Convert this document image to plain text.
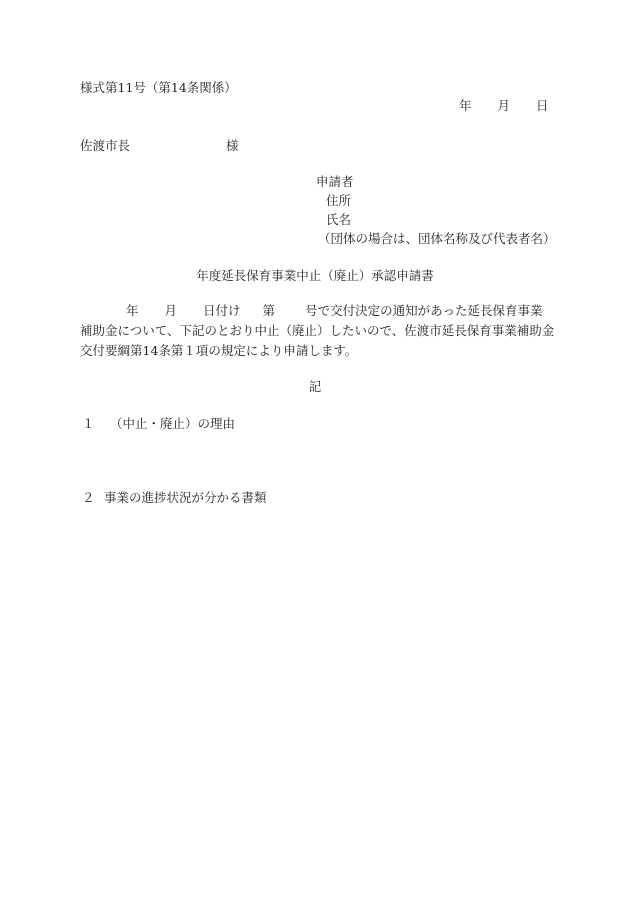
様式第11号（第14条関係）
年 月 日
佐渡市長	様
申請者
住所
氏名
（団体の場合は、団体名称及び代表者名）
年度延長保育事業中止（廃止）承認申請書
年 月 日付け 第 号で交付決定の通知があった延長保育事業
補助金について、下記のとおり中止（廃止）したいので、佐渡市延長保育事業補助金
交付要綱第14条第１項の規定により申請します。
記
１ （中止・廃止）の理由
２ 事業の進捗状況が分かる書類
